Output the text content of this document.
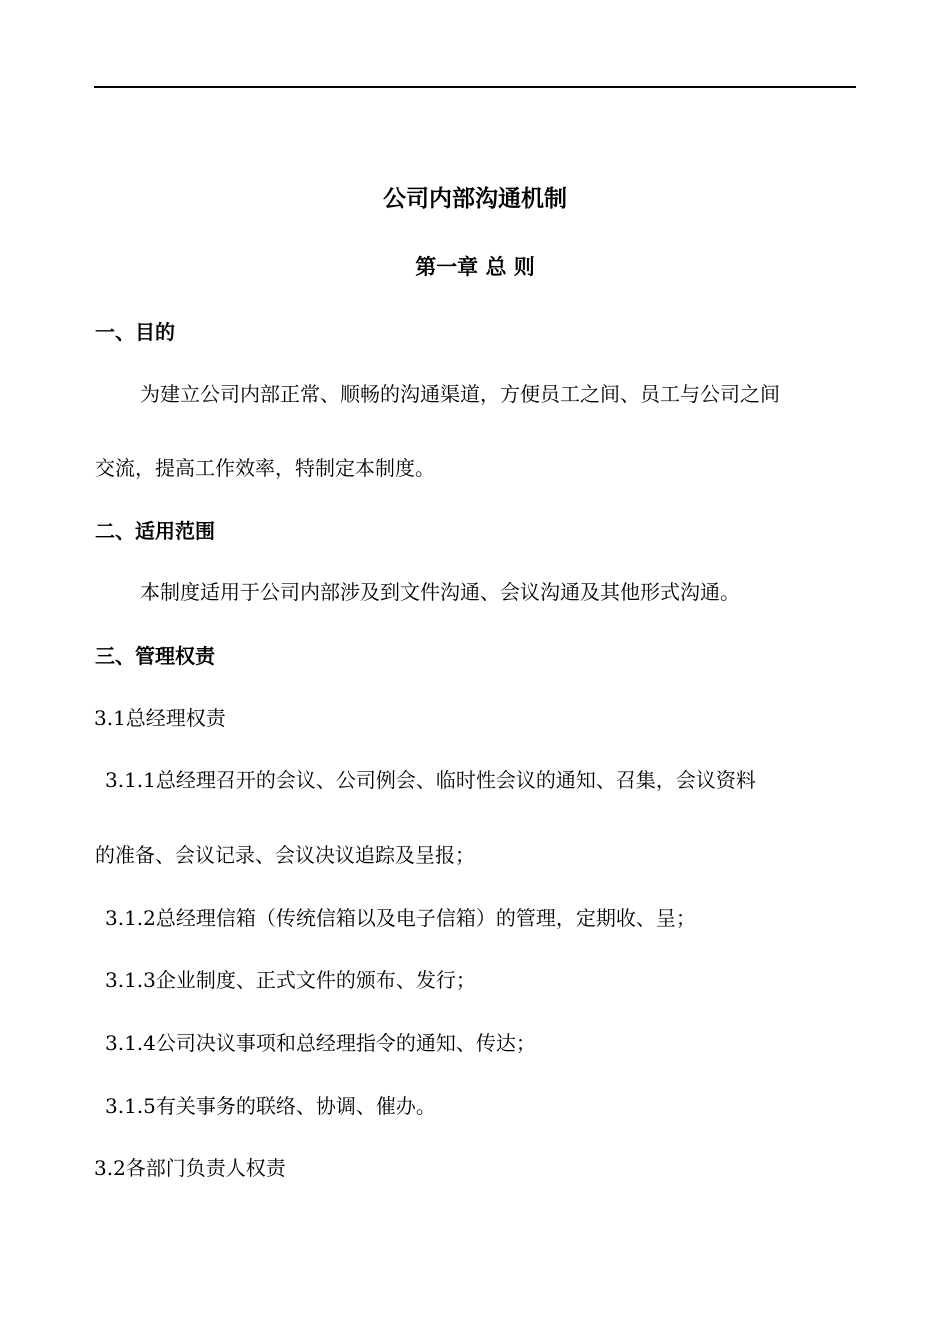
公司内部沟通机制
第一章 总 则
一、目的
为建立公司内部正常、顺畅的沟通渠道，方便员工之间、员工与公司之间
交流，提高工作效率，特制定本制度。
二、适用范围
本制度适用于公司内部涉及到文件沟通、会议沟通及其他形式沟通。
三、管理权责
3.1总经理权责
3.1.1总经理召开的会议、公司例会、临时性会议的通知、召集，会议资料
的准备、会议记录、会议决议追踪及呈报；
3.1.2总经理信箱（传统信箱以及电子信箱）的管理，定期收、呈；
3.1.3企业制度、正式文件的颁布、发行；
3.1.4公司决议事项和总经理指令的通知、传达；
3.1.5有关事务的联络、协调、催办。
3.2各部门负责人权责
